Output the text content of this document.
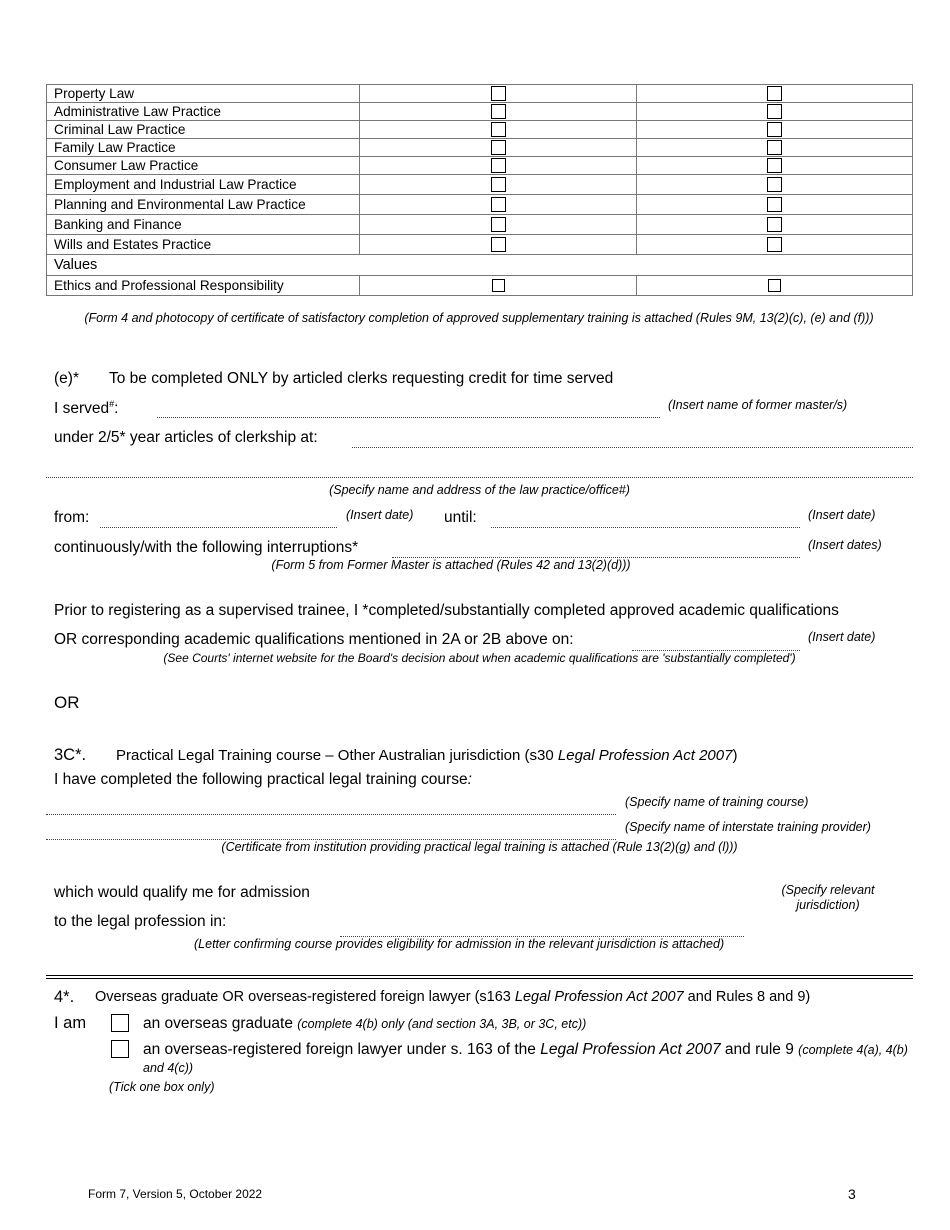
Property Law		
Administrative Law Practice		
Criminal Law Practice		
Family Law Practice		
Consumer Law Practice		
Employment and Industrial Law Practice		
Planning and Environmental Law Practice		
Banking and Finance		
Wills and Estates Practice		
Values		
Ethics and Professional Responsibility		
(Form 4 and photocopy of certificate of satisfactory completion of approved supplementary training is attached (Rules 9M, 13(2)(c), (e) and (f)))
(e)* To be completed ONLY by articled clerks requesting credit for time served
I served#:	(Insert name of former master/s)
under 2/5* year articles of clerkship at:
(Specify name and address of the law practice/office#)
from:	(Insert date) until:	(Insert date)
continuously/with the following interruptions*	(Insert dates)
(Form 5 from Former Master is attached (Rules 42 and 13(2)(d)))
Prior to registering as a supervised trainee, I *completed/substantially completed approved academic qualifications
OR corresponding academic qualifications mentioned in 2A or 2B above on:	(Insert date)
(See Courts' internet website for the Board's decision about when academic qualifications are 'substantially completed')
OR
3C*. Practical Legal Training course – Other Australian jurisdiction (s30 Legal Profession Act 2007)
I have completed the following practical legal training course:
(Specify name of training course)
(Specify name of interstate training provider)
(Certificate from institution providing practical legal training is attached (Rule 13(2)(g) and (l)))
which would qualify me for admission	(Specify relevant jurisdiction)
to the legal profession in:
(Letter confirming course provides eligibility for admission in the relevant jurisdiction is attached)
4*. Overseas graduate OR overseas-registered foreign lawyer (s163 Legal Profession Act 2007 and Rules 8 and 9)
I am	an overseas graduate (complete 4(b) only (and section 3A, 3B, or 3C, etc))
an overseas-registered foreign lawyer under s. 163 of the Legal Profession Act 2007 and rule 9 (complete 4(a), 4(b) and 4(c))
(Tick one box only)
Form 7, Version 5, October 2022	3
